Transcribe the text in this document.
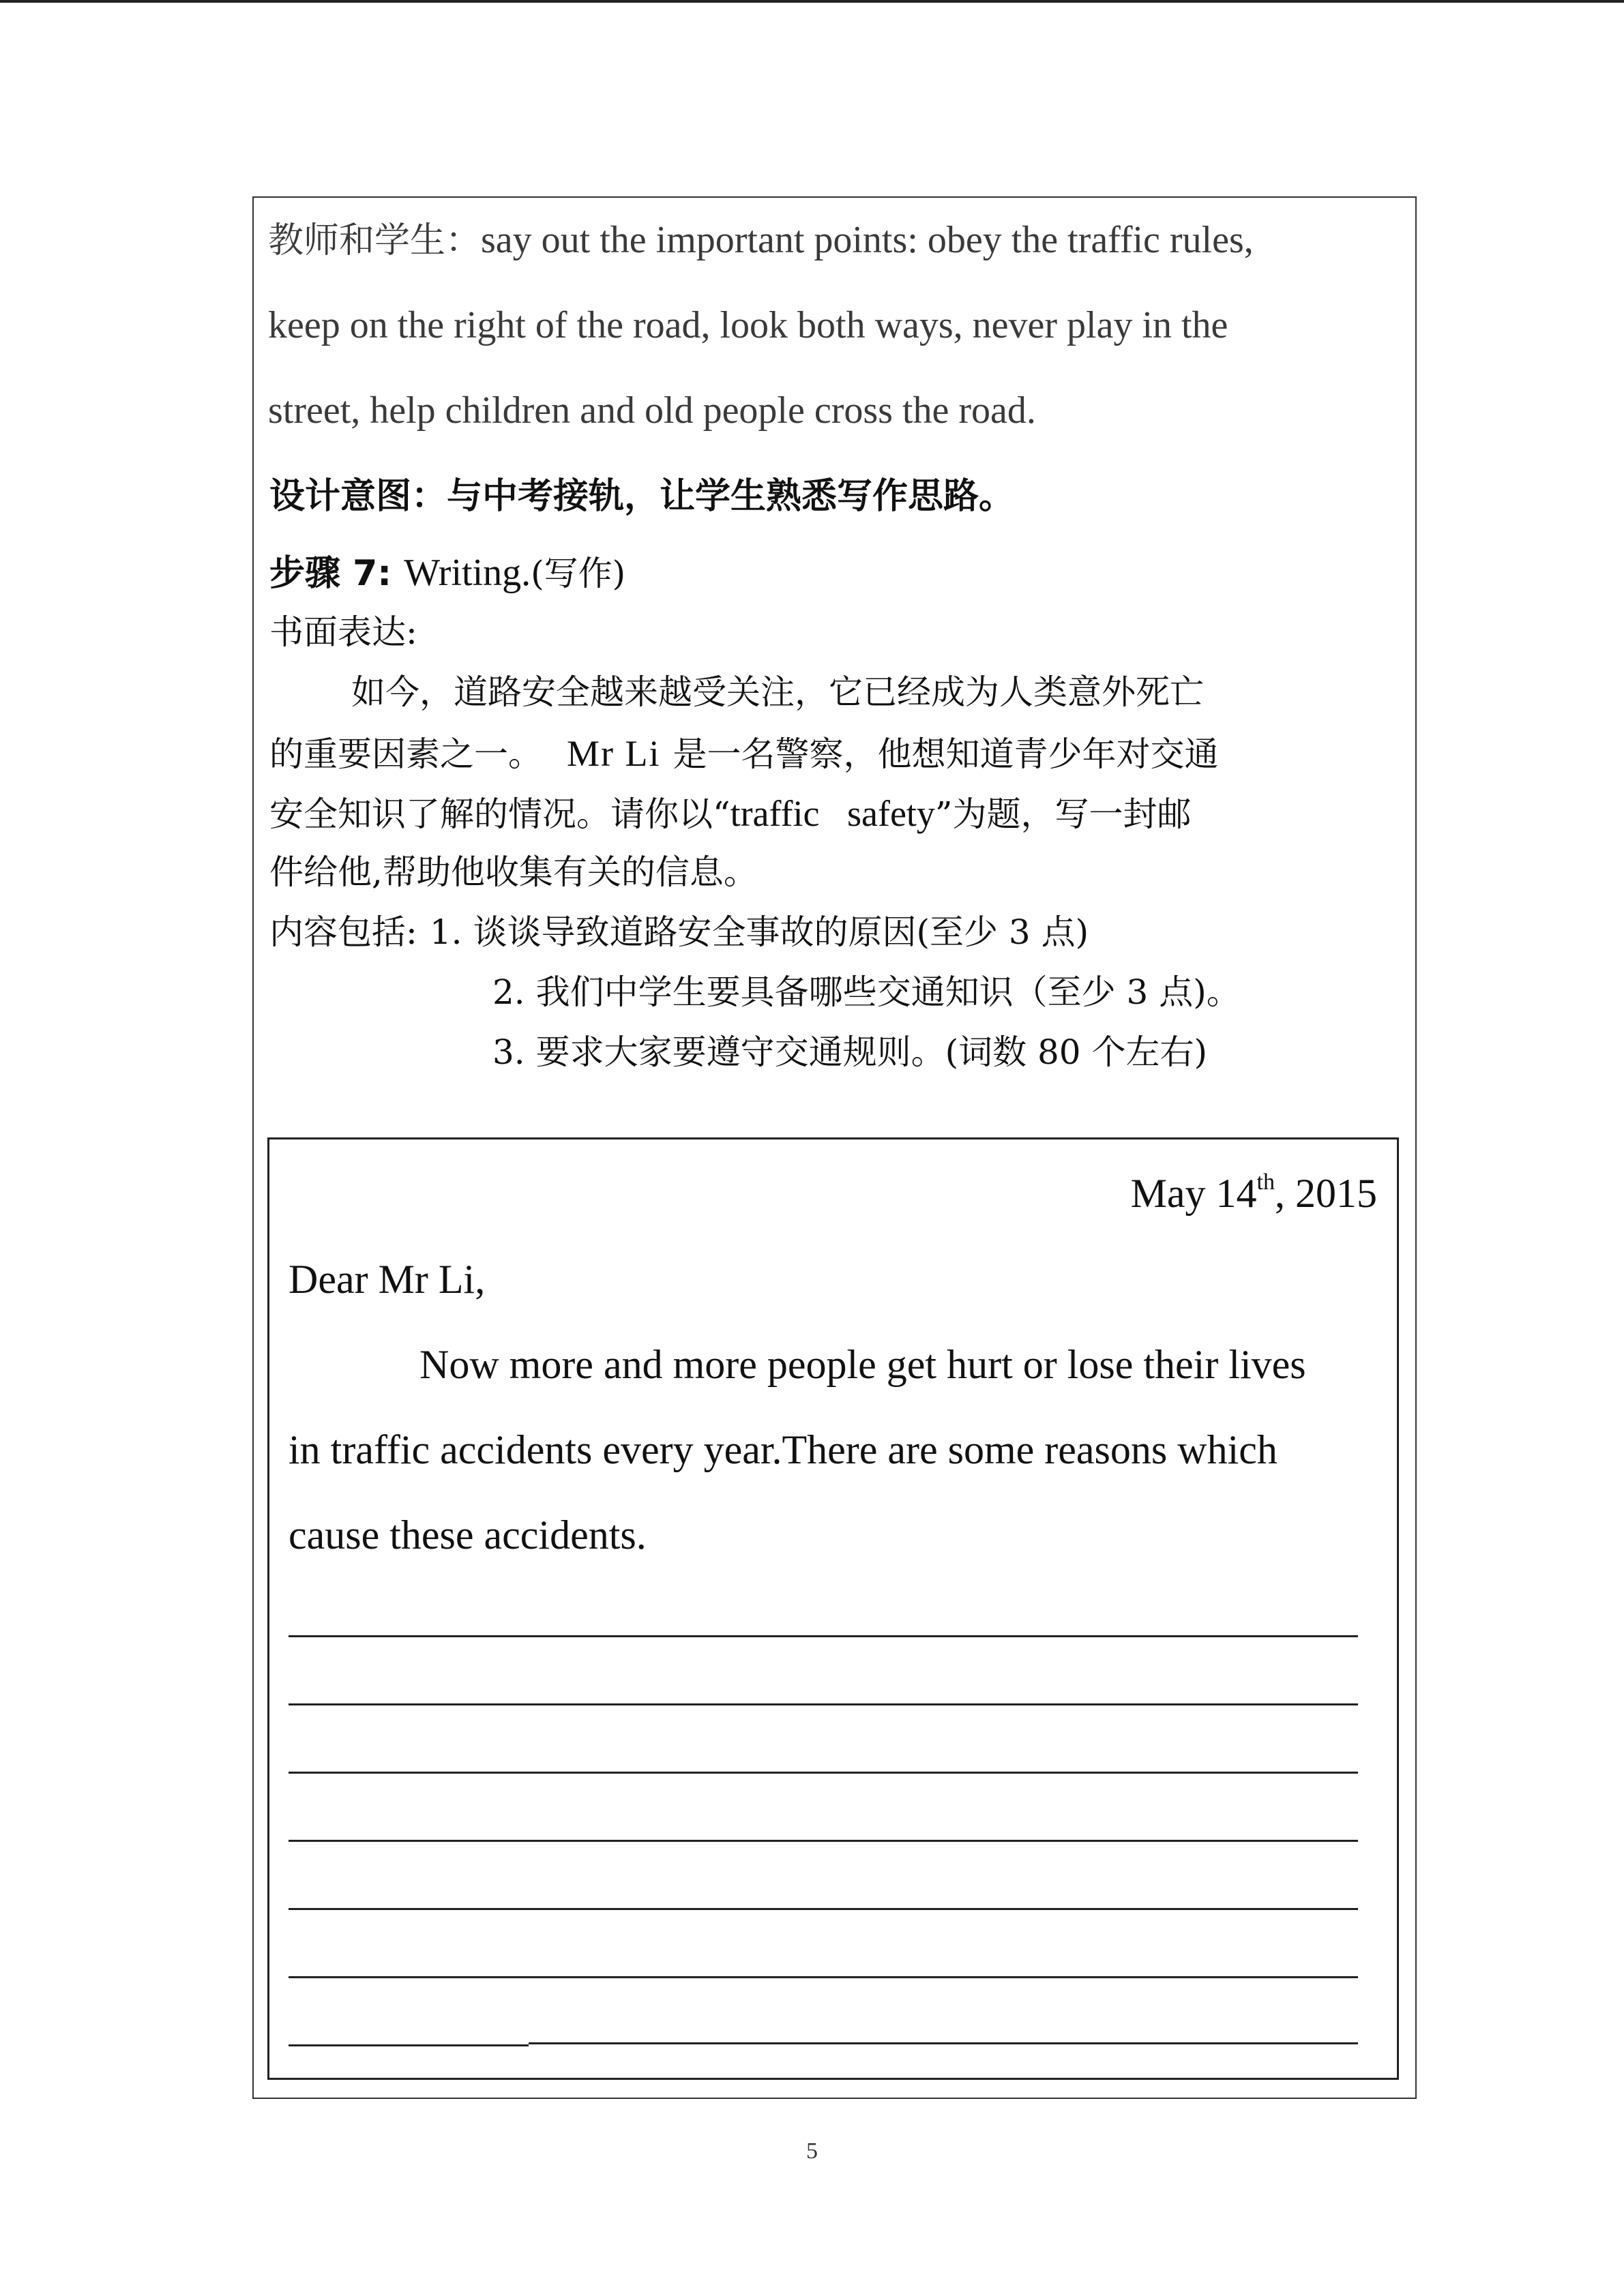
教师和学生：say out the important points: obey the traffic rules,
keep on the right of the road, look both ways, never play in the
street, help children and old people cross the road.
设计意图：与中考接轨，让学生熟悉写作思路。
步骤 7: Writing.(写作)
书面表达:
如今，道路安全越来越受关注，它已经成为人类意外死亡
的重要因素之一。 Mr Li 是一名警察，他想知道青少年对交通
安全知识了解的情况。请你以“traffic   safety”为题，写一封邮
件给他,帮助他收集有关的信息。
内容包括: 1. 谈谈导致道路安全事故的原因(至少 3 点)
2. 我们中学生要具备哪些交通知识（至少 3 点)。
3. 要求大家要遵守交通规则。(词数 80 个左右)
May 14th, 2015
Dear Mr Li,
Now more and more people get hurt or lose their lives
in traffic accidents every year.There are some reasons which
cause these accidents.
5
